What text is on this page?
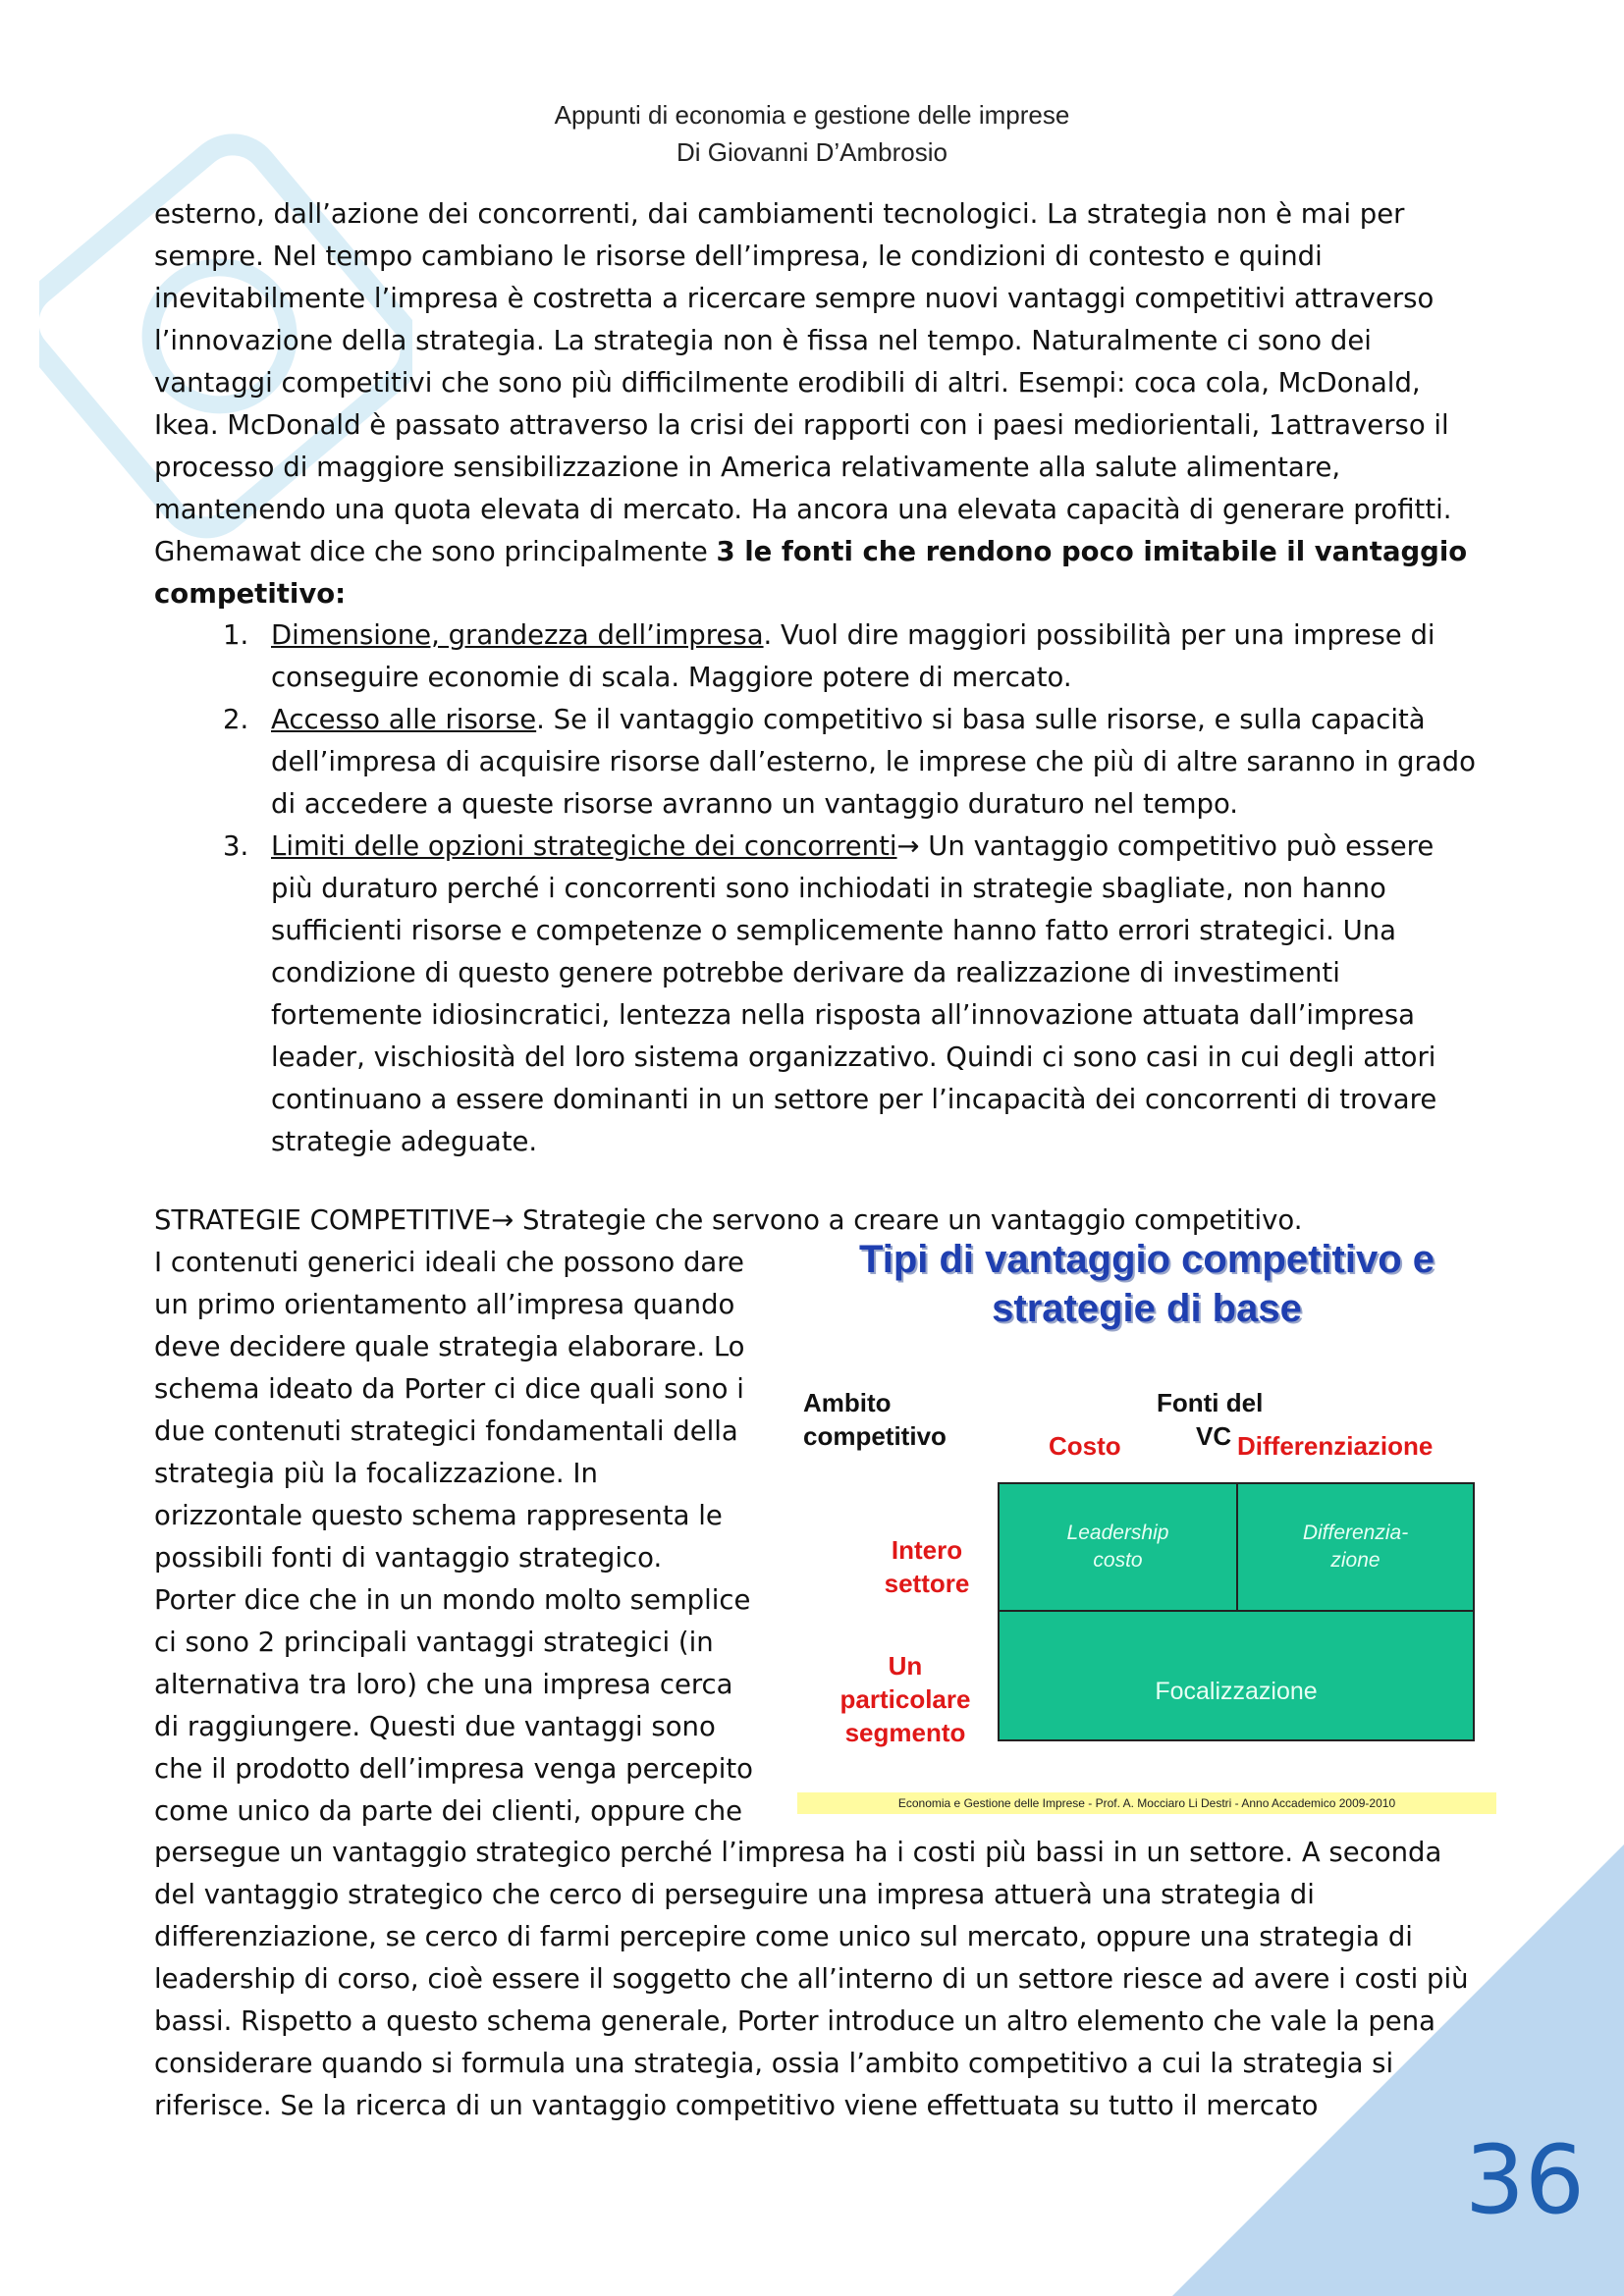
Appunti di economia e gestione delle imprese
Di Giovanni D’Ambrosio

esterno, dall’azione dei concorrenti, dai cambiamenti tecnologici. La strategia non è mai per sempre. Nel tempo cambiano le risorse dell’impresa, le condizioni di contesto e quindi inevitabilmente l’impresa è costretta a ricercare sempre nuovi vantaggi competitivi attraverso l’innovazione della strategia. La strategia non è fissa nel tempo. Naturalmente ci sono dei vantaggi competitivi che sono più difficilmente erodibili di altri. Esempi: coca cola, McDonald, Ikea. McDonald è passato attraverso la crisi dei rapporti con i paesi mediorientali, 1attraverso il processo di maggiore sensibilizzazione in America relativamente alla salute alimentare, mantenendo una quota elevata di mercato. Ha ancora una elevata capacità di generare profitti. Ghemawat dice che sono principalmente 3 le fonti che rendono poco imitabile il vantaggio competitivo:

1. Dimensione, grandezza dell’impresa. Vuol dire maggiori possibilità per una imprese di conseguire economie di scala. Maggiore potere di mercato.
2. Accesso alle risorse. Se il vantaggio competitivo si basa sulle risorse, e sulla capacità dell’impresa di acquisire risorse dall’esterno, le imprese che più di altre saranno in grado di accedere a queste risorse avranno un vantaggio duraturo nel tempo.
3. Limiti delle opzioni strategiche dei concorrenti→ Un vantaggio competitivo può essere più duraturo perché i concorrenti sono inchiodati in strategie sbagliate, non hanno sufficienti risorse e competenze o semplicemente hanno fatto errori strategici. Una condizione di questo genere potrebbe derivare da realizzazione di investimenti fortemente idiosincratici, lentezza nella risposta all’innovazione attuata dall’impresa leader, vischiosità del loro sistema organizzativo. Quindi ci sono casi in cui degli attori continuano a essere dominanti in un settore per l’incapacità dei concorrenti di trovare strategie adeguate.

STRATEGIE COMPETITIVE→ Strategie che servono a creare un vantaggio competitivo.

I contenuti generici ideali che possono dare
un primo orientamento all’impresa quando
deve decidere quale strategia elaborare. Lo
schema ideato da Porter ci dice quali sono i
due contenuti strategici fondamentali della
strategia più la focalizzazione. In
orizzontale questo schema rappresenta le
possibili fonti di vantaggio strategico.
Porter dice che in un mondo molto semplice
ci sono 2 principali vantaggi strategici (in
alternativa tra loro) che una impresa cerca
di raggiungere. Questi due vantaggi sono
che il prodotto dell’impresa venga percepito
come unico da parte dei clienti, oppure che
Tipi di vantaggio competitivo e
strategie di base
Ambito
competitivo
Fonti del
VC
Costo	Differenziazione
Intero
settore
Un
particolare
segmento
Leadership
costo
Differenzia-
zione
Focalizzazione
Economia e Gestione delle Imprese - Prof. A. Mocciaro Li Destri - Anno Accademico 2009-2010

persegue un vantaggio strategico perché l’impresa ha i costi più bassi in un settore. A seconda del vantaggio strategico che cerco di perseguire una impresa attuerà una strategia di differenziazione, se cerco di farmi percepire come unico sul mercato, oppure una strategia di leadership di corso, cioè essere il soggetto che all’interno di un settore riesce ad avere i costi più bassi. Rispetto a questo schema generale, Porter introduce un altro elemento che vale la pena considerare quando si formula una strategia, ossia l’ambito competitivo a cui la strategia si riferisce. Se la ricerca di un vantaggio competitivo viene effettuata su tutto il mercato

36
